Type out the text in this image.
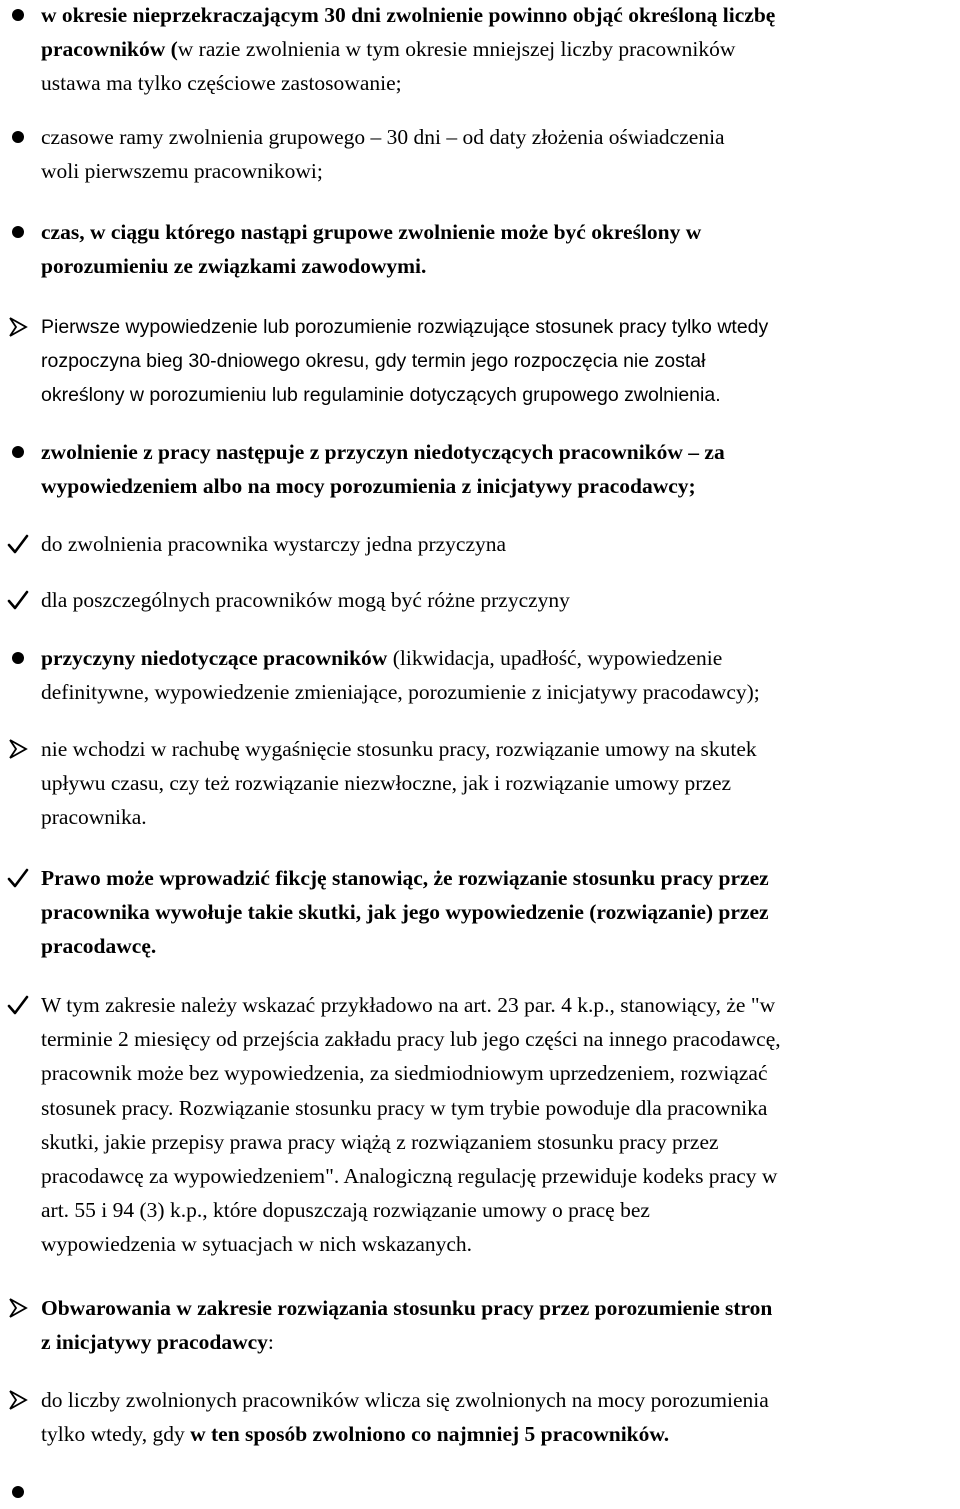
w okresie nieprzekraczającym 30 dni zwolnienie powinno objąć określoną liczbę
pracowników (w razie zwolnienia w tym okresie mniejszej liczby pracowników
ustawa ma tylko częściowe zastosowanie;
czasowe ramy zwolnienia grupowego – 30 dni – od daty złożenia oświadczenia
woli pierwszemu pracownikowi;
czas, w ciągu którego nastąpi grupowe zwolnienie może być określony w
porozumieniu ze związkami zawodowymi.
Pierwsze wypowiedzenie lub porozumienie rozwiązujące stosunek pracy tylko wtedy
rozpoczyna bieg 30-dniowego okresu, gdy termin jego rozpoczęcia nie został
określony w porozumieniu lub regulaminie dotyczących grupowego zwolnienia.
zwolnienie z pracy następuje z przyczyn niedotyczących pracowników – za
wypowiedzeniem albo na mocy porozumienia z inicjatywy pracodawcy;
do zwolnienia pracownika wystarczy jedna przyczyna
dla poszczególnych pracowników mogą być różne przyczyny
przyczyny niedotyczące pracowników (likwidacja, upadłość, wypowiedzenie
definitywne, wypowiedzenie zmieniające, porozumienie z inicjatywy pracodawcy);
nie wchodzi w rachubę wygaśnięcie stosunku pracy, rozwiązanie umowy na skutek
upływu czasu, czy też rozwiązanie niezwłoczne, jak i rozwiązanie umowy przez
pracownika.
Prawo może wprowadzić fikcję stanowiąc, że rozwiązanie stosunku pracy przez
pracownika wywołuje takie skutki, jak jego wypowiedzenie (rozwiązanie) przez
pracodawcę.
W tym zakresie należy wskazać przykładowo na art. 23 par. 4 k.p., stanowiący, że "w
terminie 2 miesięcy od przejścia zakładu pracy lub jego części na innego pracodawcę,
pracownik może bez wypowiedzenia, za siedmiodniowym uprzedzeniem, rozwiązać
stosunek pracy. Rozwiązanie stosunku pracy w tym trybie powoduje dla pracownika
skutki, jakie przepisy prawa pracy wiążą z rozwiązaniem stosunku pracy przez
pracodawcę za wypowiedzeniem". Analogiczną regulację przewiduje kodeks pracy w
art. 55 i 94 (3) k.p., które dopuszczają rozwiązanie umowy o pracę bez
wypowiedzenia w sytuacjach w nich wskazanych.
Obwarowania w zakresie rozwiązania stosunku pracy przez porozumienie stron
z inicjatywy pracodawcy:
do liczby zwolnionych pracowników wlicza się zwolnionych na mocy porozumienia
tylko wtedy, gdy w ten sposób zwolniono co najmniej 5 pracowników.
